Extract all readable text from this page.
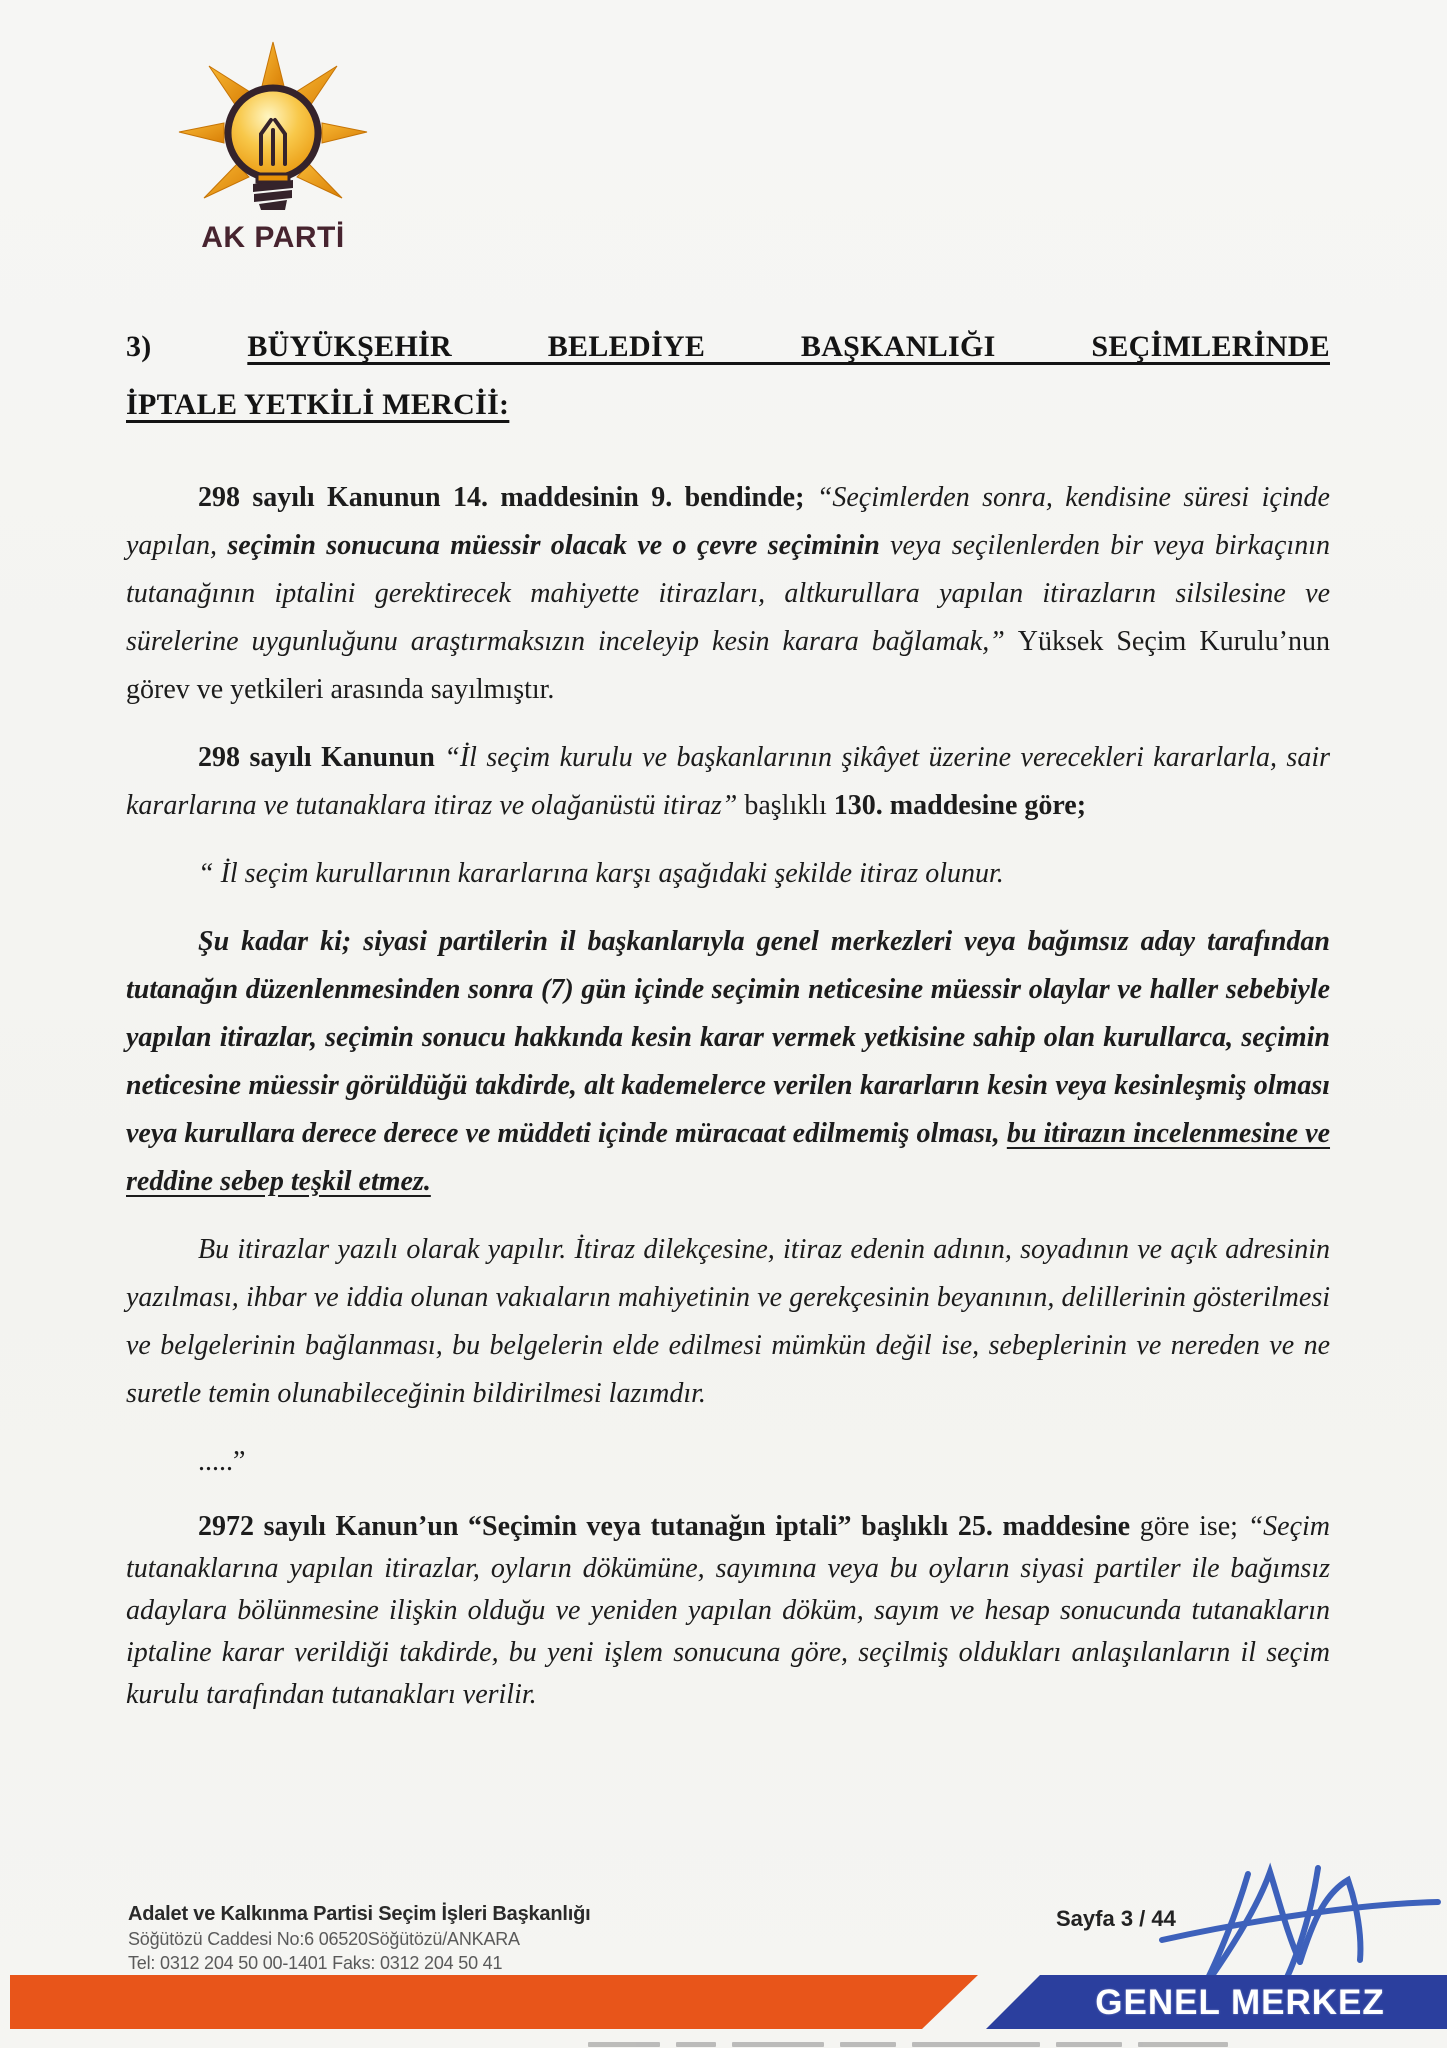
AK PARTİ
3)	BÜYÜKŞEHİR BELEDİYE BAŞKANLIĞI SEÇİMLERİNDE
İPTALE YETKİLİ MERCİİ:

298 sayılı Kanunun 14. maddesinin 9. bendinde; “Seçimlerden sonra, kendisine süresi içinde yapılan, seçimin sonucuna müessir olacak ve o çevre seçiminin veya seçilenlerden bir veya birkaçının tutanağının iptalini gerektirecek mahiyette itirazları, altkurullara yapılan itirazların silsilesine ve sürelerine uygunluğunu araştırmaksızın inceleyip kesin karara bağlamak,” Yüksek Seçim Kurulu’nun görev ve yetkileri arasında sayılmıştır.

298 sayılı Kanunun “İl seçim kurulu ve başkanlarının şikâyet üzerine verecekleri kararlarla, sair kararlarına ve tutanaklara itiraz ve olağanüstü itiraz” başlıklı 130. maddesine göre;

“ İl seçim kurullarının kararlarına karşı aşağıdaki şekilde itiraz olunur.

Şu kadar ki; siyasi partilerin il başkanlarıyla genel merkezleri veya bağımsız aday tarafından tutanağın düzenlenmesinden sonra (7) gün içinde seçimin neticesine müessir olaylar ve haller sebebiyle yapılan itirazlar, seçimin sonucu hakkında kesin karar vermek yetkisine sahip olan kurullarca, seçimin neticesine müessir görüldüğü takdirde, alt kademelerce verilen kararların kesin veya kesinleşmiş olması veya kurullara derece derece ve müddeti içinde müracaat edilmemiş olması, bu itirazın incelenmesine ve reddine sebep teşkil etmez.

Bu itirazlar yazılı olarak yapılır. İtiraz dilekçesine, itiraz edenin adının, soyadının ve açık adresinin yazılması, ihbar ve iddia olunan vakıaların mahiyetinin ve gerekçesinin beyanının, delillerinin gösterilmesi ve belgelerinin bağlanması, bu belgelerin elde edilmesi mümkün değil ise, sebeplerinin ve nereden ve ne suretle temin olunabileceğinin bildirilmesi lazımdır.

.....”

2972 sayılı Kanun’un “Seçimin veya tutanağın iptali” başlıklı 25. maddesine göre ise; “Seçim tutanaklarına yapılan itirazlar, oyların dökümüne, sayımına veya bu oyların siyasi partiler ile bağımsız adaylara bölünmesine ilişkin olduğu ve yeniden yapılan döküm, sayım ve hesap sonucunda tutanakların iptaline karar verildiği takdirde, bu yeni işlem sonucuna göre, seçilmiş oldukları anlaşılanların il seçim kurulu tarafından tutanakları verilir.

Adalet ve Kalkınma Partisi Seçim İşleri Başkanlığı
Söğütözü Caddesi No:6 06520Söğütözü/ANKARA
Tel: 0312 204 50 00-1401 Faks: 0312 204 50 41
Sayfa 3 / 44
GENEL MERKEZ
